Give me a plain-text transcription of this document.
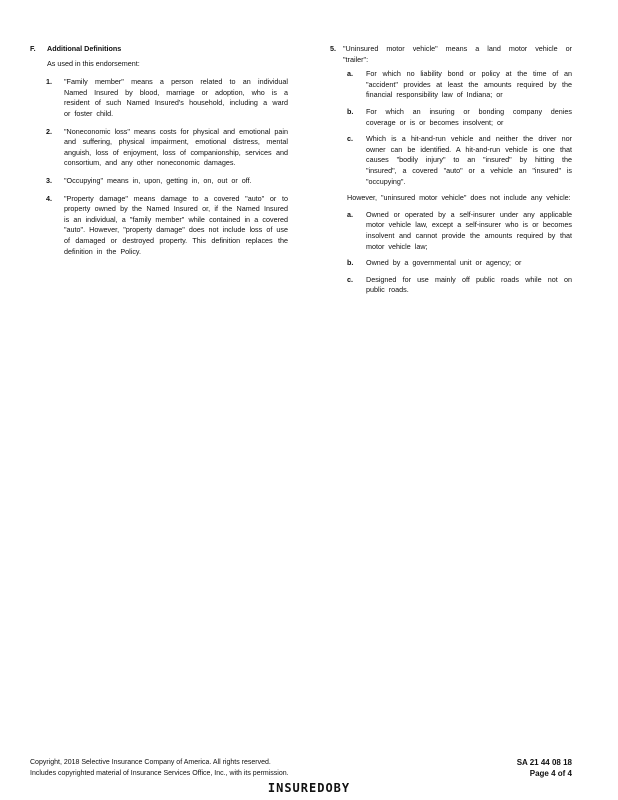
F.	Additional Definitions
As used in this endorsement:
1.	"Family member" means a person related to an individual Named Insured by blood, marriage or adoption, who is a resident of such Named Insured's household, including a ward or foster child.
2.	"Noneconomic loss" means costs for physical and emotional pain and suffering, physical impairment, emotional distress, mental anguish, loss of enjoyment, loss of companionship, services and consortium, and any other noneconomic damages.
3.	"Occupying" means in, upon, getting in, on, out or off.
4.	"Property damage" means damage to a covered "auto" or to property owned by the Named Insured or, if the Named Insured is an individual, a "family member" while contained in a covered "auto". However, "property damage" does not include loss of use of damaged or destroyed property. This definition replaces the definition in the Policy.
5. "Uninsured motor vehicle" means a land motor vehicle or "trailer":
a.	For which no liability bond or policy at the time of an "accident" provides at least the amounts required by the financial responsibility law of Indiana; or
b.	For which an insuring or bonding company denies coverage or is or becomes insolvent; or
c.	Which is a hit-and-run vehicle and neither the driver nor owner can be identified. A hit-and-run vehicle is one that causes "bodily injury" to an "insured" by hitting the "insured", a covered "auto" or a vehicle an "insured" is "occupying".
However, "uninsured motor vehicle" does not include any vehicle:
a.	Owned or operated by a self-insurer under any applicable motor vehicle law, except a self-insurer who is or becomes insolvent and cannot provide the amounts required by that motor vehicle law;
b.	Owned by a governmental unit or agency; or
c.	Designed for use mainly off public roads while not on public roads.
Copyright, 2018 Selective Insurance Company of America. All rights reserved.
Includes copyrighted material of Insurance Services Office, Inc., with its permission.
SA 21 44 08 18
Page 4 of 4
INSUREDOBY
